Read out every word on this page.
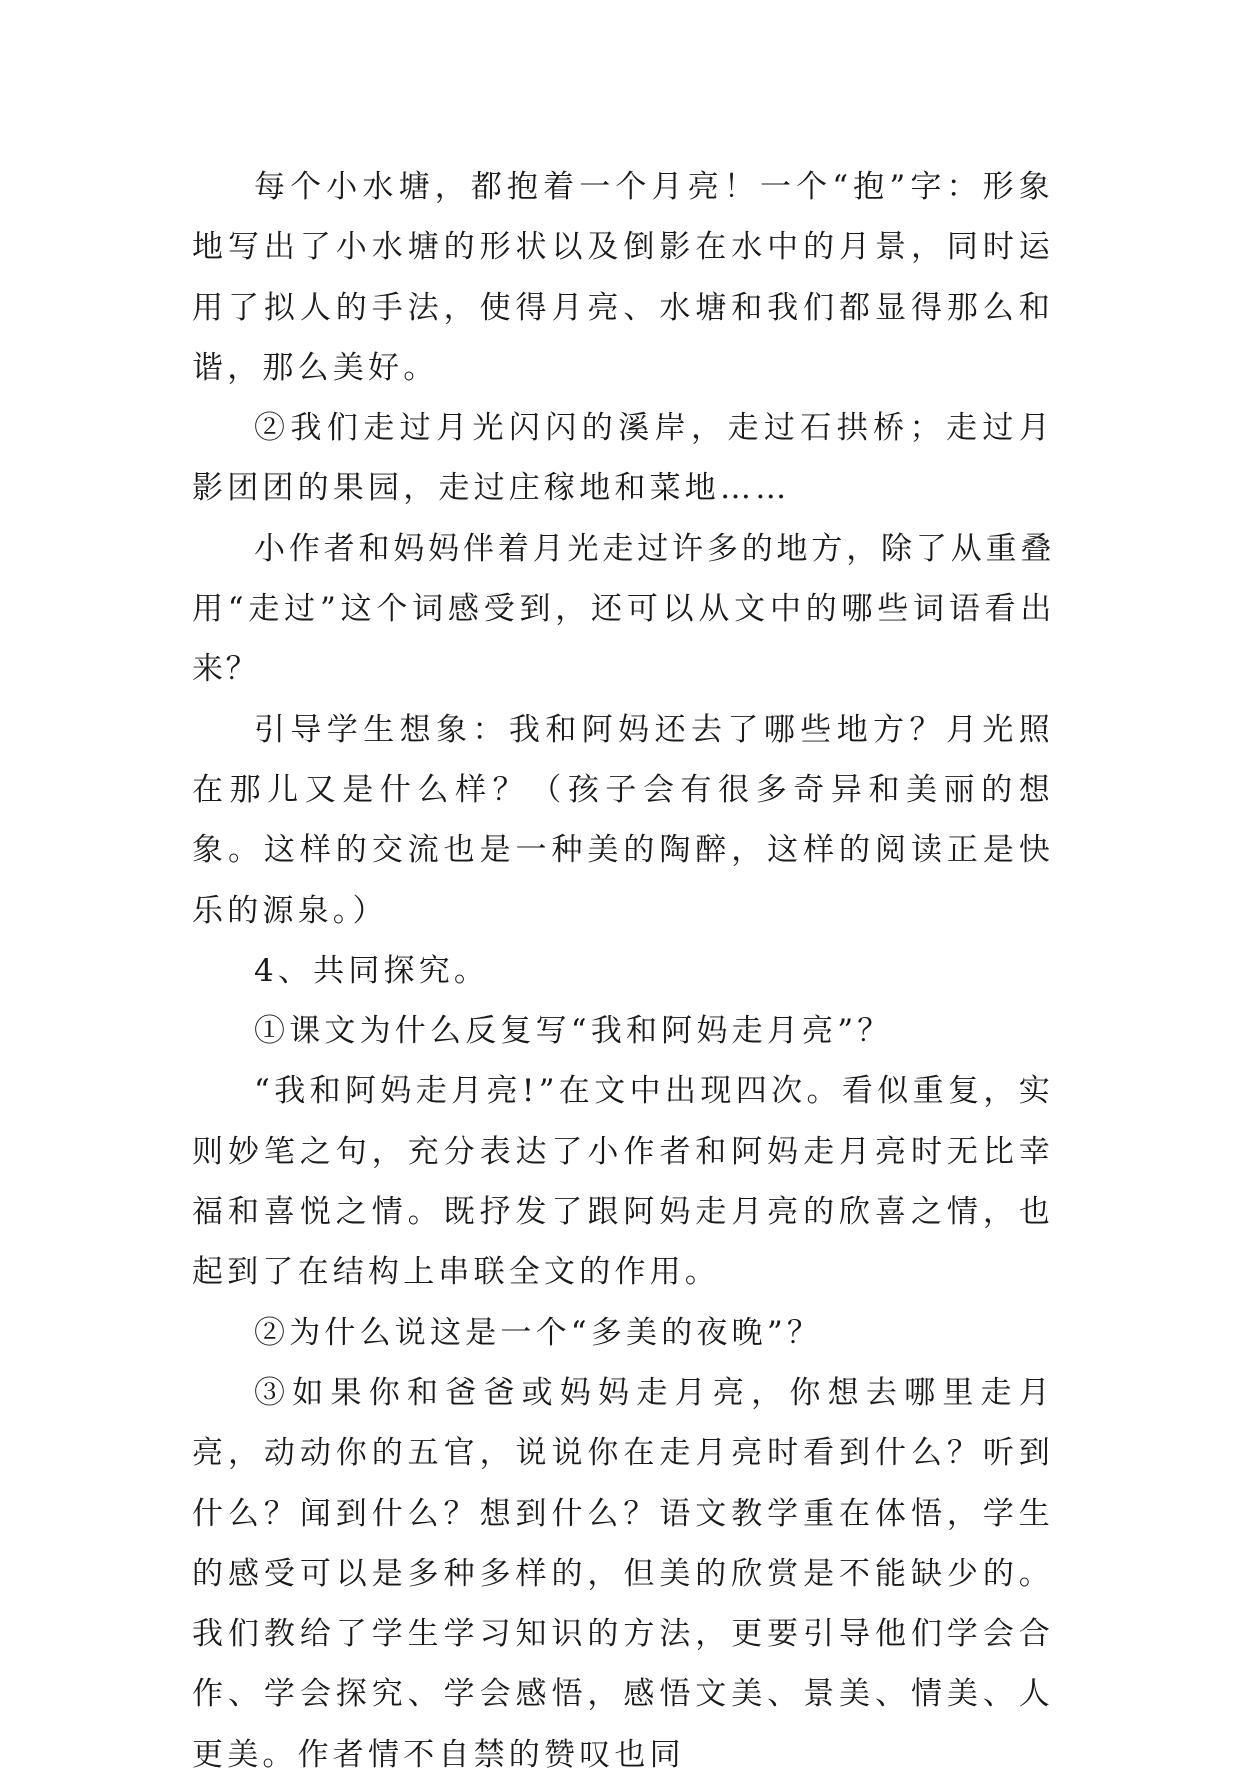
每个小水塘，都抱着一个月亮！一个“抱”字：形象地写出了小水塘的形状以及倒影在水中的月景，同时运用了拟人的手法，使得月亮、水塘和我们都显得那么和谐，那么美好。

②我们走过月光闪闪的溪岸，走过石拱桥；走过月影团团的果园，走过庄稼地和菜地……

小作者和妈妈伴着月光走过许多的地方，除了从重叠用“走过”这个词感受到，还可以从文中的哪些词语看出来？

引导学生想象：我和阿妈还去了哪些地方？月光照在那儿又是什么样？（孩子会有很多奇异和美丽的想象。这样的交流也是一种美的陶醉，这样的阅读正是快乐的源泉。）

4、共同探究。

①课文为什么反复写“我和阿妈走月亮”？

“我和阿妈走月亮!”在文中出现四次。看似重复，实则妙笔之句，充分表达了小作者和阿妈走月亮时无比幸福和喜悦之情。既抒发了跟阿妈走月亮的欣喜之情，也起到了在结构上串联全文的作用。

②为什么说这是一个“多美的夜晚”？

③如果你和爸爸或妈妈走月亮，你想去哪里走月亮，动动你的五官，说说你在走月亮时看到什么？听到什么？闻到什么？想到什么？语文教学重在体悟，学生的感受可以是多种多样的，但美的欣赏是不能缺少的。我们教给了学生学习知识的方法，更要引导他们学会合作、学会探究、学会感悟，感悟文美、景美、情美、人更美。作者情不自禁的赞叹也同
